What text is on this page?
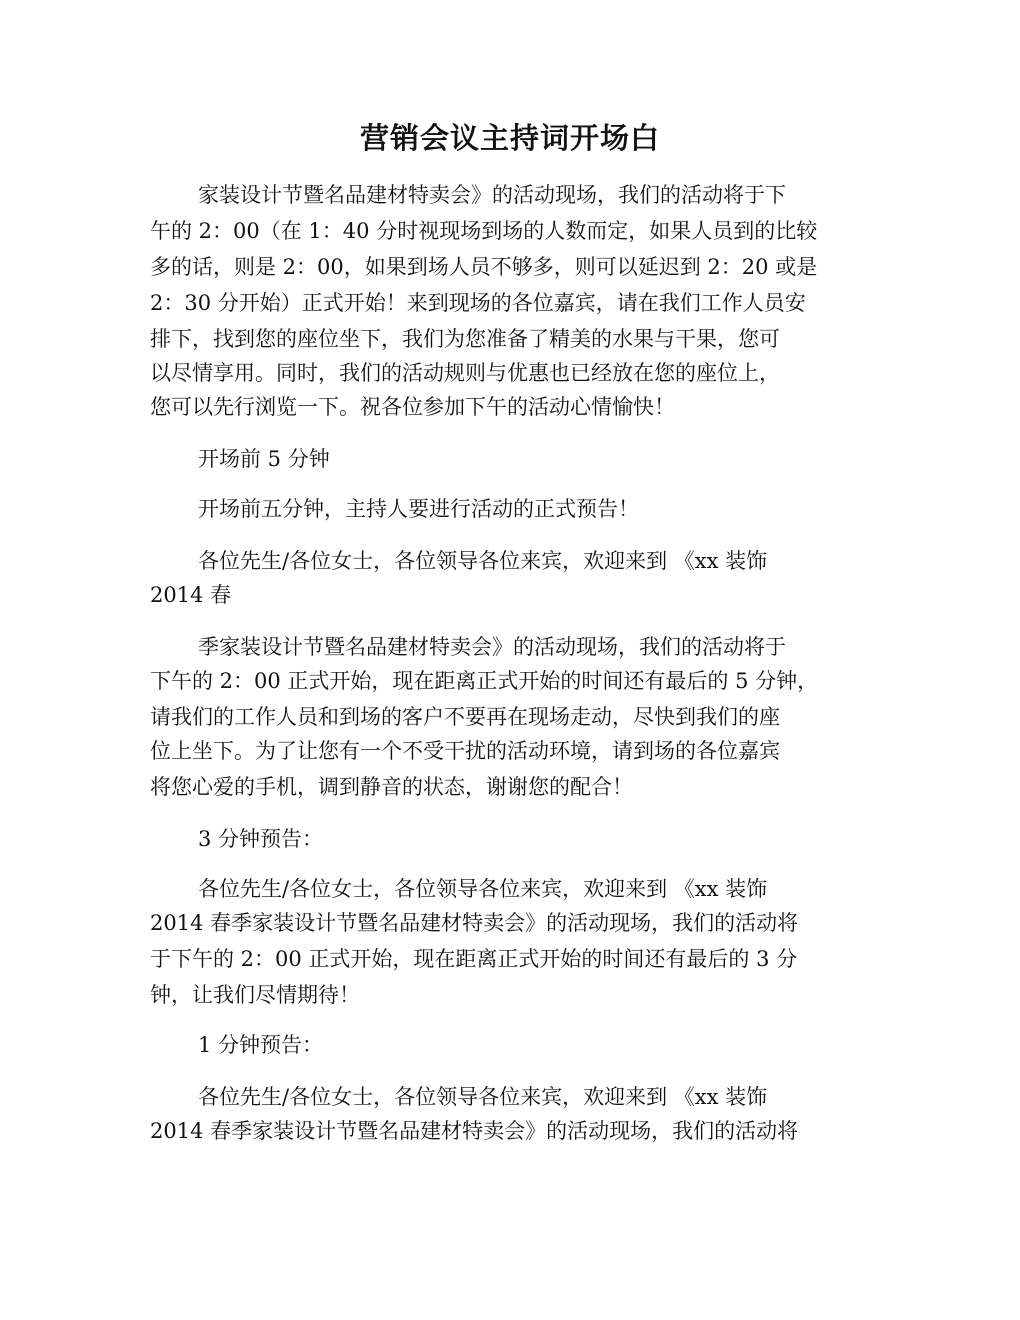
营销会议主持词开场白

家装设计节暨名品建材特卖会》的活动现场，我们的活动将于下

午的 2：00（在 1：40 分时视现场到场的人数而定，如果人员到的比较

多的话，则是 2：00，如果到场人员不够多，则可以延迟到 2：20 或是

2：30 分开始）正式开始！来到现场的各位嘉宾，请在我们工作人员安

排下，找到您的座位坐下，我们为您准备了精美的水果与干果，您可

以尽情享用。同时，我们的活动规则与优惠也已经放在您的座位上，

您可以先行浏览一下。祝各位参加下午的活动心情愉快！

开场前 5 分钟

开场前五分钟，主持人要进行活动的正式预告！

各位先生/各位女士，各位领导各位来宾，欢迎来到 《xx 装饰

2014 春

季家装设计节暨名品建材特卖会》的活动现场，我们的活动将于

下午的 2：00 正式开始，现在距离正式开始的时间还有最后的 5 分钟，

请我们的工作人员和到场的客户不要再在现场走动，尽快到我们的座

位上坐下。为了让您有一个不受干扰的活动环境，请到场的各位嘉宾

将您心爱的手机，调到静音的状态，谢谢您的配合！

3 分钟预告：

各位先生/各位女士，各位领导各位来宾，欢迎来到 《xx 装饰

2014 春季家装设计节暨名品建材特卖会》的活动现场，我们的活动将

于下午的 2：00 正式开始，现在距离正式开始的时间还有最后的 3 分

钟，让我们尽情期待！

1 分钟预告：

各位先生/各位女士，各位领导各位来宾，欢迎来到 《xx 装饰

2014 春季家装设计节暨名品建材特卖会》的活动现场，我们的活动将
